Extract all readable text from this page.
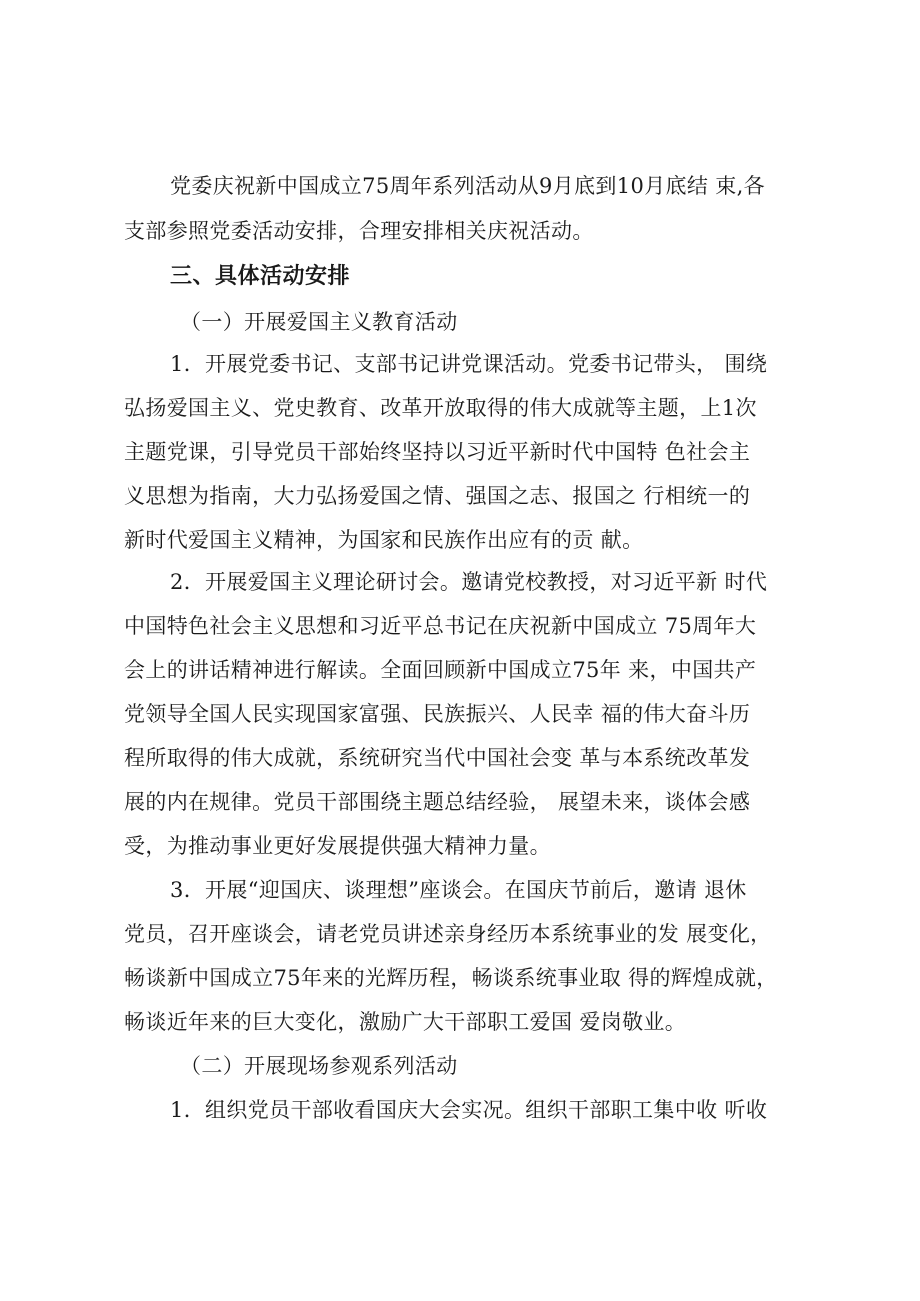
党委庆祝新中国成立75周年系列活动从9月底到10月底结 束,各
支部参照党委活动安排，合理安排相关庆祝活动。
三、具体活动安排
（一）开展爱国主义教育活动
1．开展党委书记、支部书记讲党课活动。党委书记带头， 围绕
弘扬爱国主义、党史教育、改革开放取得的伟大成就等主题，上1次
主题党课，引导党员干部始终坚持以习近平新时代中国特 色社会主
义思想为指南，大力弘扬爱国之情、强国之志、报国之 行相统一的
新时代爱国主义精神，为国家和民族作出应有的贡 献。
2．开展爱国主义理论研讨会。邀请党校教授，对习近平新 时代
中国特色社会主义思想和习近平总书记在庆祝新中国成立 75周年大
会上的讲话精神进行解读。全面回顾新中国成立75年 来，中国共产
党领导全国人民实现国家富强、民族振兴、人民幸 福的伟大奋斗历
程所取得的伟大成就，系统研究当代中国社会变 革与本系统改革发
展的内在规律。党员干部围绕主题总结经验， 展望未来，谈体会感
受，为推动事业更好发展提供强大精神力量。
3．开展“迎国庆、谈理想”座谈会。在国庆节前后，邀请 退休
党员，召开座谈会，请老党员讲述亲身经历本系统事业的发 展变化，
畅谈新中国成立75年来的光辉历程，畅谈系统事业取 得的辉煌成就，
畅谈近年来的巨大变化，激励广大干部职工爱国 爱岗敬业。
（二）开展现场参观系列活动
1．组织党员干部收看国庆大会实况。组织干部职工集中收 听收
